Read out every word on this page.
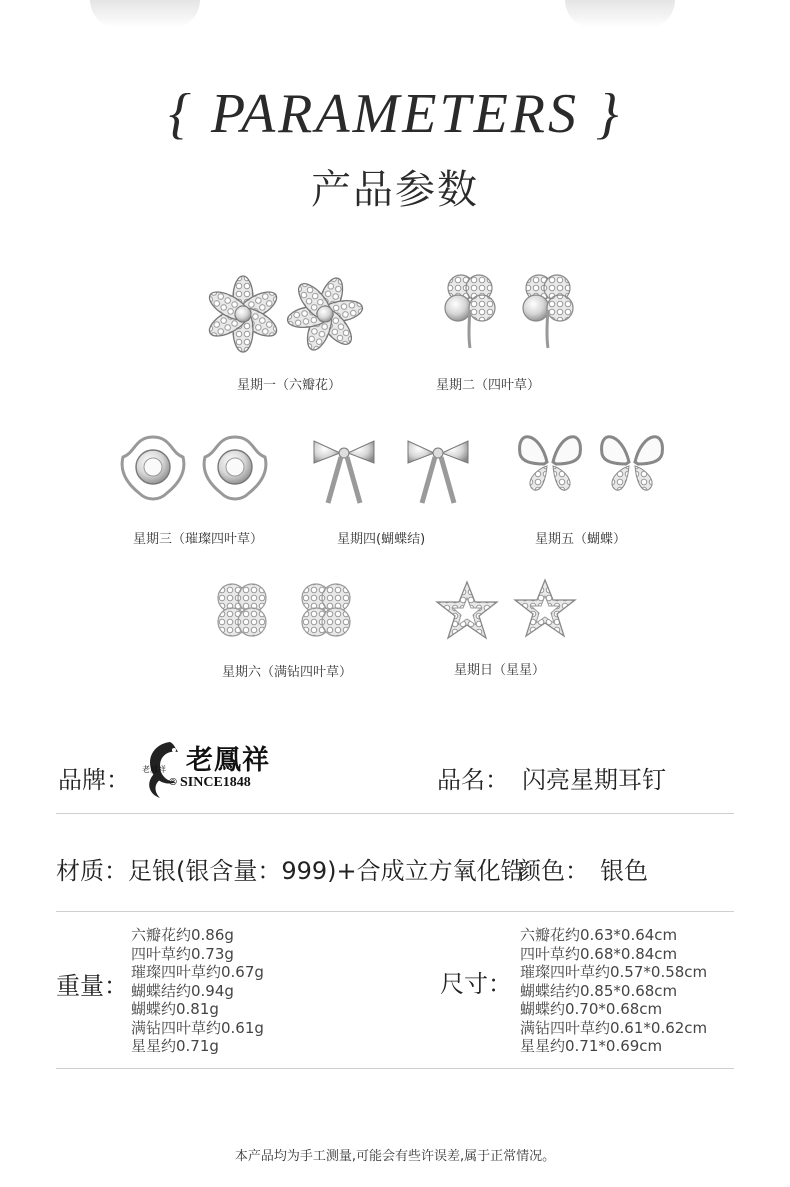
{ PARAMETERS }
产品参数
星期一（六瓣花）	星期二（四叶草）
星期三（璀璨四叶草）	星期四(蝴蝶结)	星期五（蝴蝶）
星期六（满钻四叶草）	星期日（星星）
品牌：
老鳳祥
老鳳祥
® SINCE1848	品名： 闪亮星期耳钉
材质： 足银(银含量：999)+合成立方氧化锆
颜色： 银色
重量：
六瓣花约0.86g
四叶草约0.73g
璀璨四叶草约0.67g
蝴蝶结约0.94g
蝴蝶约0.81g
满钻四叶草约0.61g
星星约0.71g
尺寸：
六瓣花约0.63*0.64cm
四叶草约0.68*0.84cm
璀璨四叶草约0.57*0.58cm
蝴蝶结约0.85*0.68cm
蝴蝶约0.70*0.68cm
满钻四叶草约0.61*0.62cm
星星约0.71*0.69cm
本产品均为手工测量,可能会有些许误差,属于正常情况。
